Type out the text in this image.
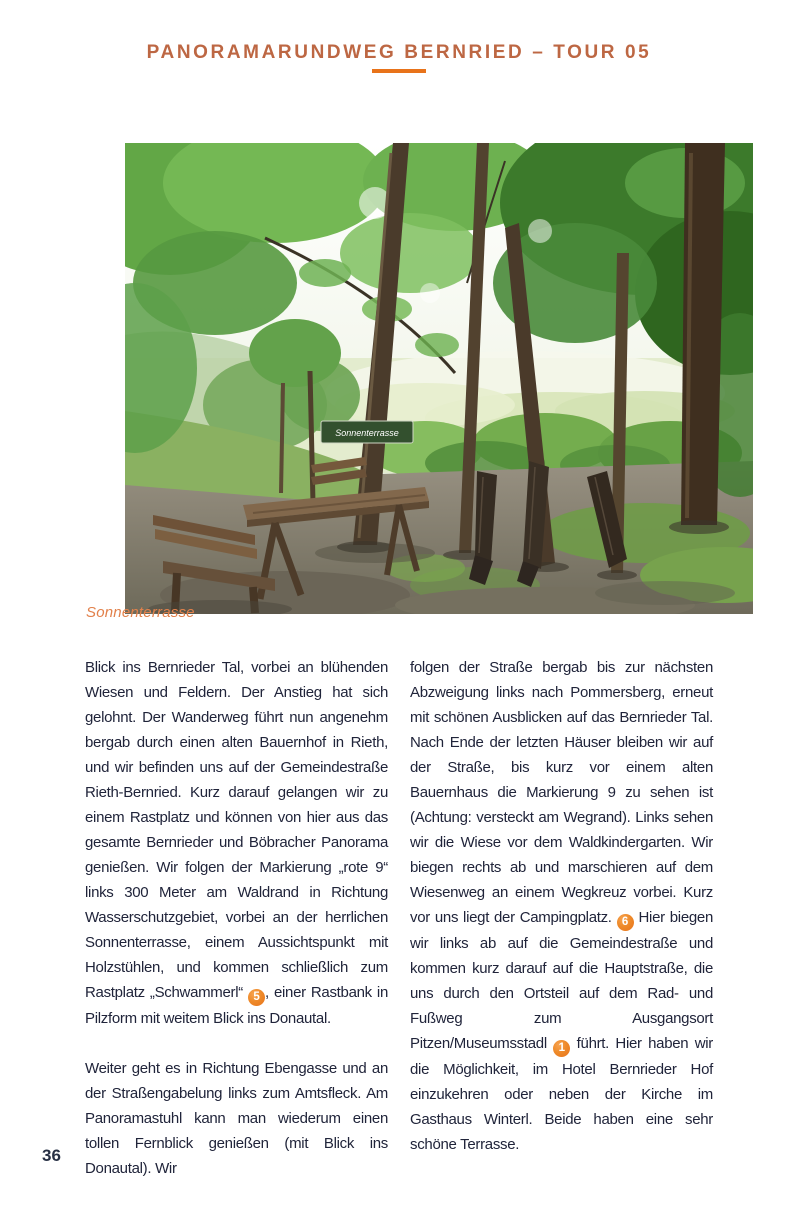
PANORAMARUNDWEG BERNRIED – TOUR 05
Sonnenterrasse
Sonnenterrasse

Blick ins Bernrieder Tal, vorbei an blühenden Wiesen und Feldern. Der Anstieg hat sich gelohnt. Der Wanderweg führt nun angenehm bergab durch einen alten Bauernhof in Rieth, und wir befinden uns auf der Gemeindestraße Rieth-Bernried. Kurz darauf gelangen wir zu einem Rastplatz und können von hier aus das gesamte Bernrieder und Böbracher Panorama genießen. Wir folgen der Markierung „rote 9“ links 300 Meter am Waldrand in Richtung Wasserschutzgebiet, vorbei an der herrlichen Sonnenterrasse, einem Aussichtspunkt mit Holzstühlen, und kommen schließlich zum Rastplatz „Schwammerl“ 5 , einer Rastbank in Pilzform mit weitem Blick ins Donautal.

Weiter geht es in Richtung Ebengasse und an der Straßengabelung links zum Amtsfleck. Am Panoramastuhl kann man wiederum einen tollen Fernblick genießen (mit Blick ins Donautal). Wir

folgen der Straße bergab bis zur nächsten Abzweigung links nach Pommersberg, erneut mit schönen Ausblicken auf das Bernrieder Tal. Nach Ende der letzten Häuser bleiben wir auf der Straße, bis kurz vor einem alten Bauernhaus die Markierung 9 zu sehen ist (Achtung: versteckt am Wegrand). Links sehen wir die Wiese vor dem Waldkindergarten. Wir biegen rechts ab und marschieren auf dem Wiesenweg an einem Wegkreuz vorbei. Kurz vor uns liegt der Campingplatz. 6 Hier biegen wir links ab auf die Gemeindestraße und kommen kurz darauf auf die Hauptstraße, die uns durch den Ortsteil auf dem Rad- und Fußweg zum Ausgangsort Pitzen/Museumsstadl 1 führt. Hier haben wir die Möglichkeit, im Hotel Bernrieder Hof einzukehren oder neben der Kirche im Gasthaus Winterl. Beide haben eine sehr schöne Terrasse.

36
